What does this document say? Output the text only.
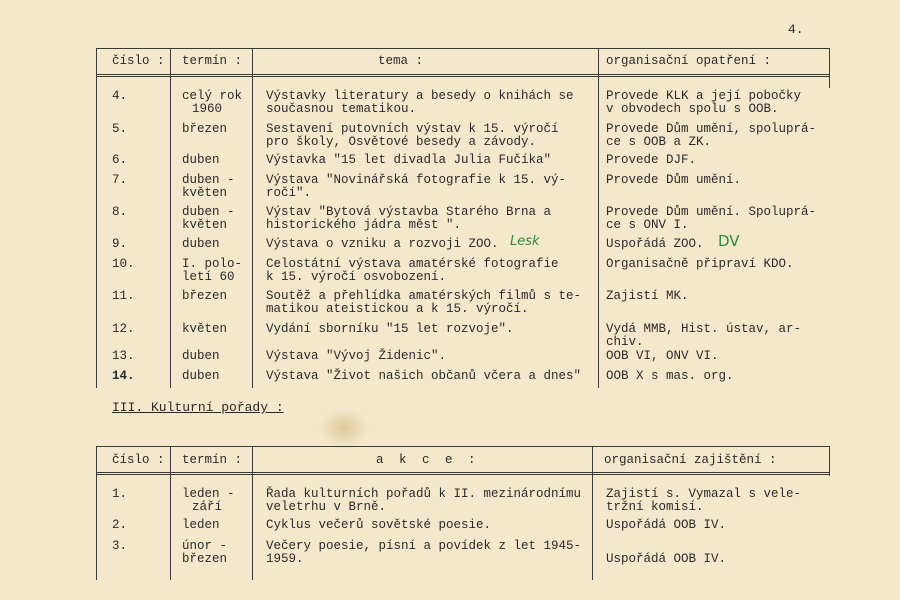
4.
číslo : termín :	tema :	organisační opatření :
4.	celý rok
1960
Výstavky literatury a besedy o knihách se
současnou tematikou.
Provede KLK a její pobočky
v obvodech spolu s OOB.
5.	březen	Sestavení putovních výstav k 15. výročí
pro školy, Osvětové besedy a závody.
Provede Dům umění, spoluprá-
ce s OOB a ZK.
6.	duben	Výstavka "15 let divadla Julia Fučíka"	Provede DJF.
7.	duben -
květen
Výstava "Novinářská fotografie k 15. vý-
ročí".
Provede Dům umění.
8.	duben -
květen
Výstav "Bytová výstavba Starého Brna a
historického jádra měst ".
Provede Dům umění. Spoluprá-
ce s ONV I.
9.	duben	Výstava o vzniku a rozvoji ZOO. Lesk	Uspořádá ZOO. DV
10.	I. polo-
letí 60
Celostátní výstava amatérské fotografie
k 15. výročí osvobození.
Organisačně připraví KDO.
11.	březen	Soutěž a přehlídka amatérských filmů s te-
matikou ateistickou a k 15. výročí.
Zajistí MK.
12.	květen	Vydání sborníku "15 let rozvoje".	Vydá MMB, Hist. ústav, ar-
chiv.
13.	duben	Výstava "Vývoj Židenic".	OOB VI, ONV VI.
14.	duben	Výstava "Život našich občanů včera a dnes" OOB X s mas. org.
III. Kulturní pořady :
číslo : termín :	a k c e :	organisační zajištění :
1.	leden -
září
Řada kulturních pořadů k II. mezinárodnímu
veletrhu v Brně.
Zajistí s. Vymazal s vele-
tržní komisí.
2.	leden	Cyklus večerů sovětské poesie.	Uspořádá OOB IV.
3.	únor -
březen
Večery poesie, písní a povídek z let 1945-
1959.	Uspořádá OOB IV.
